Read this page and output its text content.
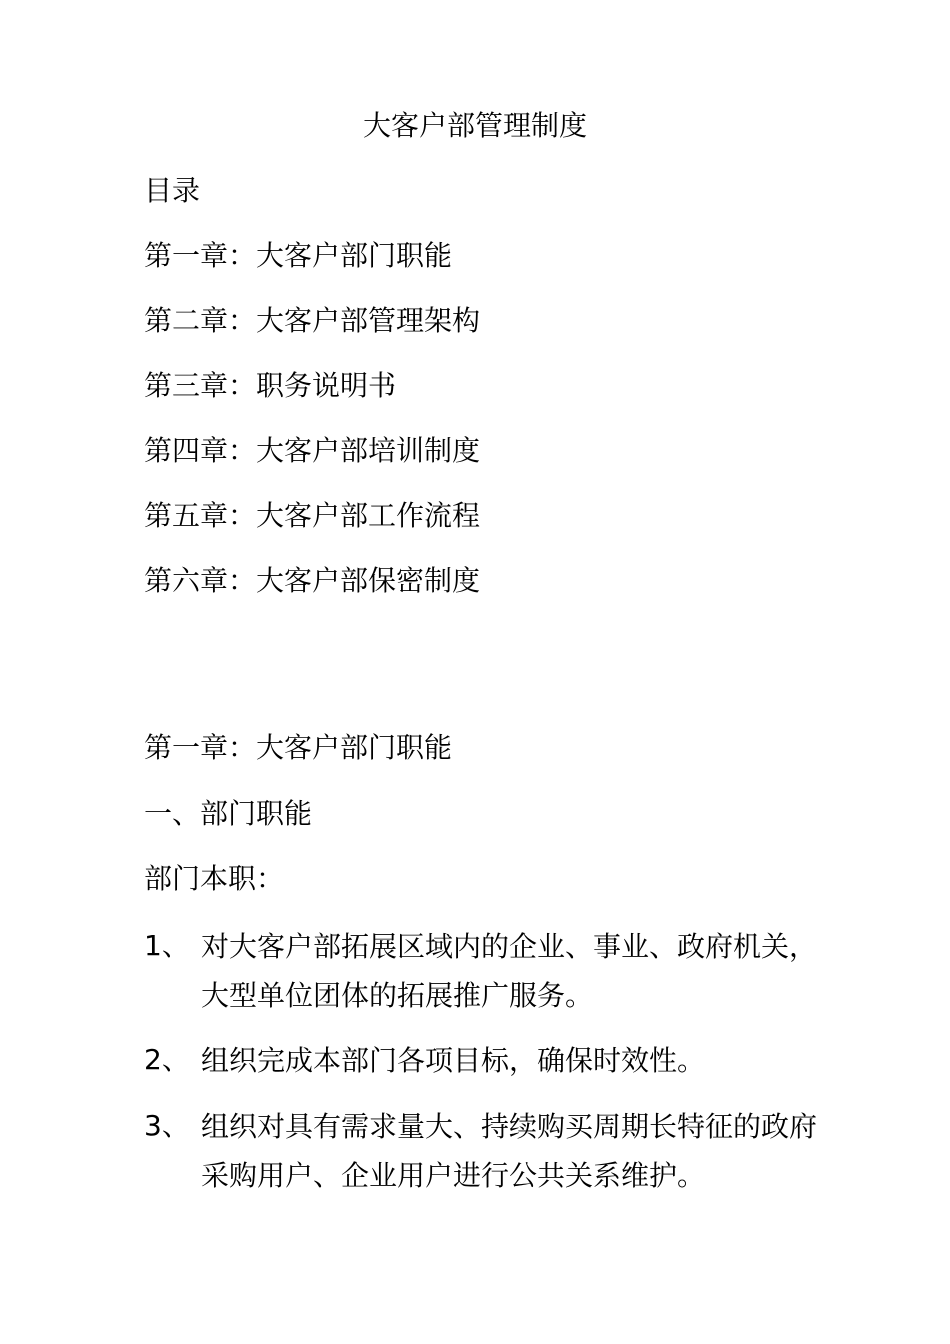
大客户部管理制度
目录
第一章：大客户部门职能
第二章：大客户部管理架构
第三章：职务说明书
第四章：大客户部培训制度
第五章：大客户部工作流程
第六章：大客户部保密制度
第一章：大客户部门职能
一、部门职能
部门本职：
1、 对大客户部拓展区域内的企业、事业、政府机关，大型单位团体的拓展推广服务。
2、 组织完成本部门各项目标，确保时效性。
3、 组织对具有需求量大、持续购买周期长特征的政府采购用户、企业用户进行公共关系维护。
